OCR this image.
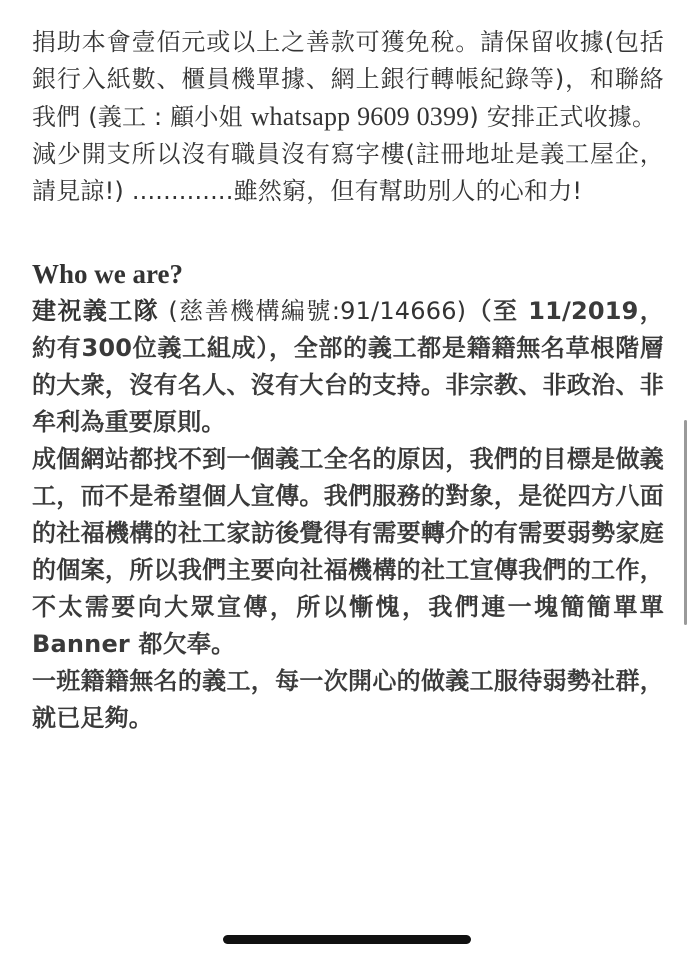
捐助本會壹佰元或以上之善款可獲免稅。請保留收據(包括銀行入紙數、櫃員機單據、網上銀行轉帳紀錄等)，和聯絡我們 (義工 : 顧小姐 whatsapp 9609 0399) 安排正式收據。

減少開支所以沒有職員沒有寫字樓(註冊地址是義工屋企，請見諒!) .............雖然窮，但有幫助別人的心和力!

Who we are?

建祝義工隊 (慈善機構編號:91/14666)（至 11/2019， 約有300位義工組成），全部的義工都是籍籍無名草根階層的大衆，沒有名人、沒有大台的支持。非宗教、非政治、非牟利為重要原則。

成個網站都找不到一個義工全名的原因，我們的目標是做義工，而不是希望個人宣傳。我們服務的對象，是從四方八面的社福機構的社工家訪後覺得有需要轉介的有需要弱勢家庭的個案，所以我們主要向社福機構的社工宣傳我們的工作，不太需要向大眾宣傳，所以慚愧，我們連一塊簡簡單單Banner 都欠奉。

一班籍籍無名的義工，每一次開心的做義工服待弱勢社群，就已足夠。
